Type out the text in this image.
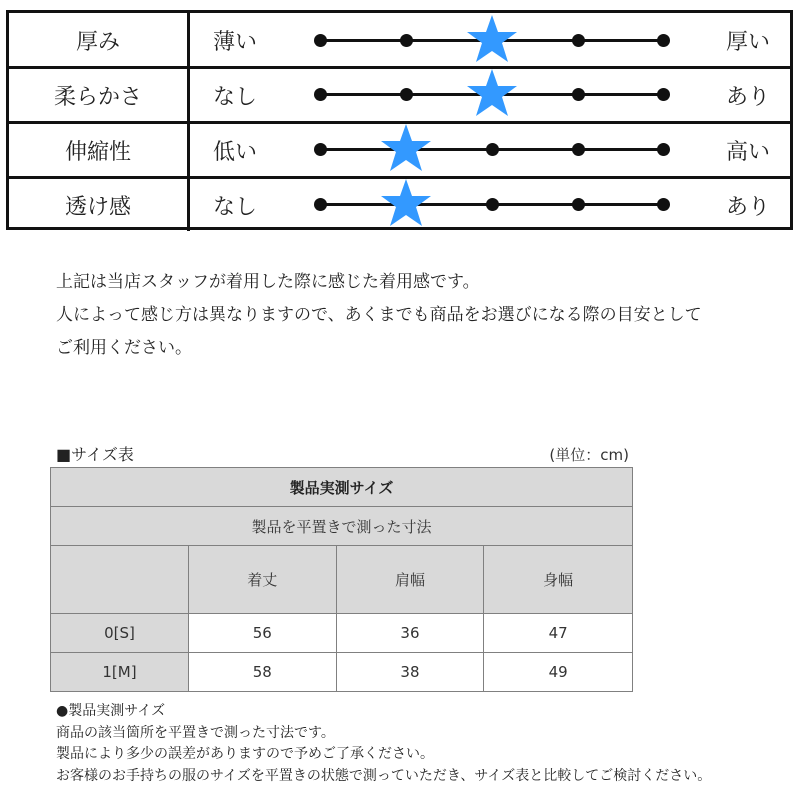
厚み	薄い	厚い
柔らかさ	なし	あり
伸縮性	低い	高い
透け感	なし	あり
上記は当店スタッフが着用した際に感じた着用感です。
人によって感じ方は異なりますので、あくまでも商品をお選びになる際の目安として
ご利用ください。
■サイズ表	(単位：cm)
製品実測サイズ			
製品を平置きで測った寸法			
	着丈	肩幅	身幅
0[S]	56	36	47
1[M]	58	38	49
●製品実測サイズ
商品の該当箇所を平置きで測った寸法です。
製品により多少の誤差がありますので予めご了承ください。
お客様のお手持ちの服のサイズを平置きの状態で測っていただき、サイズ表と比較してご検討ください。
